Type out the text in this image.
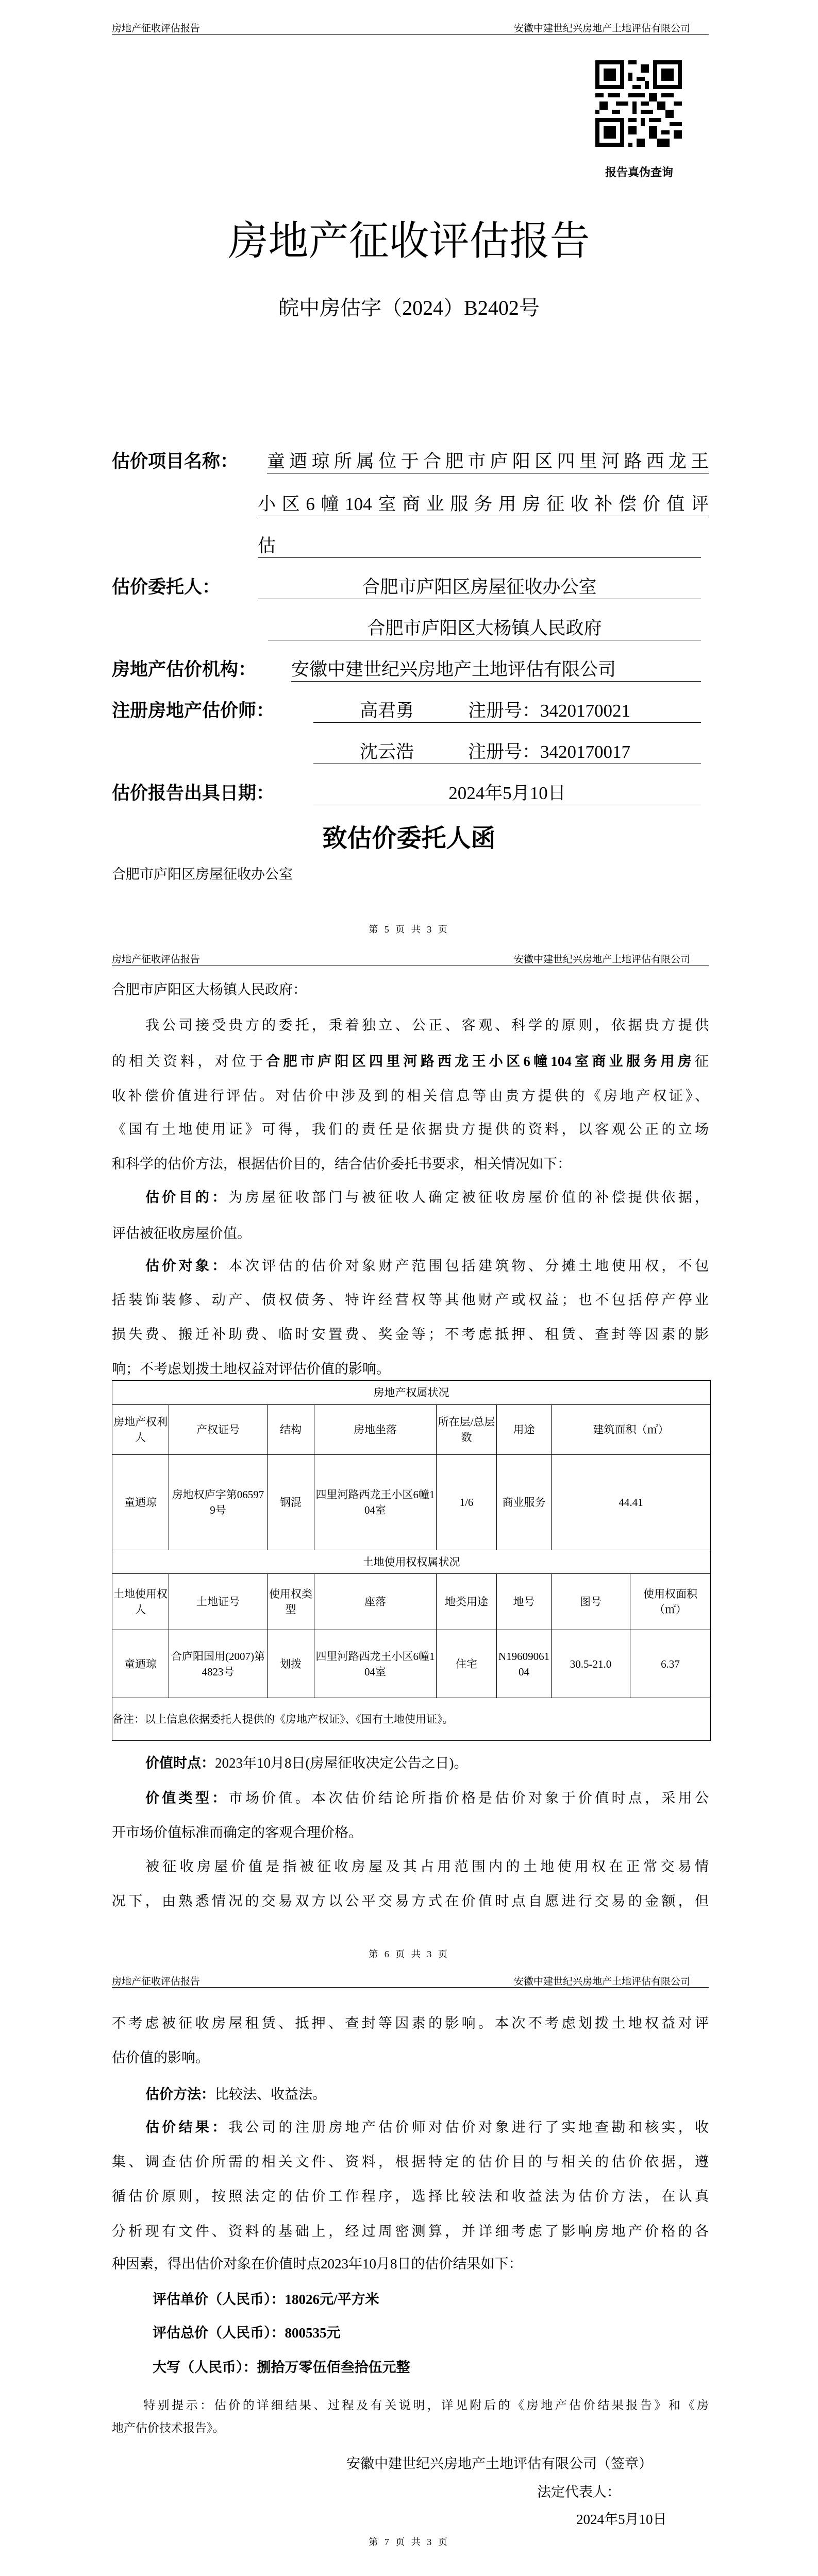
房地产征收评估报告	安徽中建世纪兴房地产土地评估有限公司
报告真伪查询
房地产征收评估报告
皖中房估字（2024）B2402号
估价项目名称： 童迺琼所属位于合肥市庐阳区四里河路西龙王
小区6幢104室商业服务用房征收补偿价值评
估
估价委托人：	合肥市庐阳区房屋征收办公室
合肥市庐阳区大杨镇人民政府
房地产估价机构： 安徽中建世纪兴房地产土地评估有限公司
注册房地产估价师：	高君勇	注册号：3420170021

沈云浩	注册号：3420170017

估价报告出具日期：	2024年5月10日
致估价委托人函
合肥市庐阳区房屋征收办公室
第 5 页 共 3 页
房地产征收评估报告	安徽中建世纪兴房地产土地评估有限公司
合肥市庐阳区大杨镇人民政府：
我公司接受贵方的委托，秉着独立、公正、客观、科学的原则，依据贵方提供
的相关资料，对位于合肥市庐阳区四里河路西龙王小区6幢104室商业服务用房征
收补偿价值进行评估。对估价中涉及到的相关信息等由贵方提供的《房地产权证》、
《国有土地使用证》可得，我们的责任是依据贵方提供的资料，以客观公正的立场
和科学的估价方法，根据估价目的，结合估价委托书要求，相关情况如下：
估价目的：为房屋征收部门与被征收人确定被征收房屋价值的补偿提供依据，
评估被征收房屋价值。
估价对象：本次评估的估价对象财产范围包括建筑物、分摊土地使用权，不包
括装饰装修、动产、债权债务、特许经营权等其他财产或权益；也不包括停产停业
损失费、搬迁补助费、临时安置费、奖金等；不考虑抵押、租赁、查封等因素的影
响；不考虑划拨土地权益对评估价值的影响。
房地产权属状况							
房地产权利人	产权证号	结构	房地坐落	所在层/总层数	用途	建筑面积（㎡）	
童迺琼	房地权庐字第065979号	钢混	四里河路西龙王小区6幢104室	1/6	商业服务	44.41	
土地使用权权属状况							
土地使用权人	土地证号	使用权类型	座落	地类用途	地号	图号	使用权面积（㎡）
童迺琼	合庐阳国用(2007)第4823号	划拨	四里河路西龙王小区6幢104室	住宅	N1960906104	30.5-21.0	6.37
备注：以上信息依据委托人提供的《房地产权证》、《国有土地使用证》。							
价值时点：2023年10月8日(房屋征收决定公告之日)。
价值类型：市场价值。本次估价结论所指价格是估价对象于价值时点，采用公
开市场价值标准而确定的客观合理价格。
被征收房屋价值是指被征收房屋及其占用范围内的土地使用权在正常交易情
况下，由熟悉情况的交易双方以公平交易方式在价值时点自愿进行交易的金额，但
第 6 页 共 3 页
房地产征收评估报告	安徽中建世纪兴房地产土地评估有限公司
不考虑被征收房屋租赁、抵押、查封等因素的影响。本次不考虑划拨土地权益对评
估价值的影响。
估价方法：比较法、收益法。
估价结果：我公司的注册房地产估价师对估价对象进行了实地查勘和核实，收
集、调查估价所需的相关文件、资料，根据特定的估价目的与相关的估价依据，遵
循估价原则，按照法定的估价工作程序，选择比较法和收益法为估价方法，在认真
分析现有文件、资料的基础上，经过周密测算，并详细考虑了影响房地产价格的各
种因素，得出估价对象在价值时点2023年10月8日的估价结果如下：
评估单价（人民币）：18026元/平方米
评估总价（人民币）：800535元
大写（人民币）：捌拾万零伍佰叁拾伍元整
特别提示：估价的详细结果、过程及有关说明，详见附后的《房地产估价结果报告》和《房
地产估价技术报告》。
安徽中建世纪兴房地产土地评估有限公司（签章）
法定代表人：
2024年5月10日
第 7 页 共 3 页
